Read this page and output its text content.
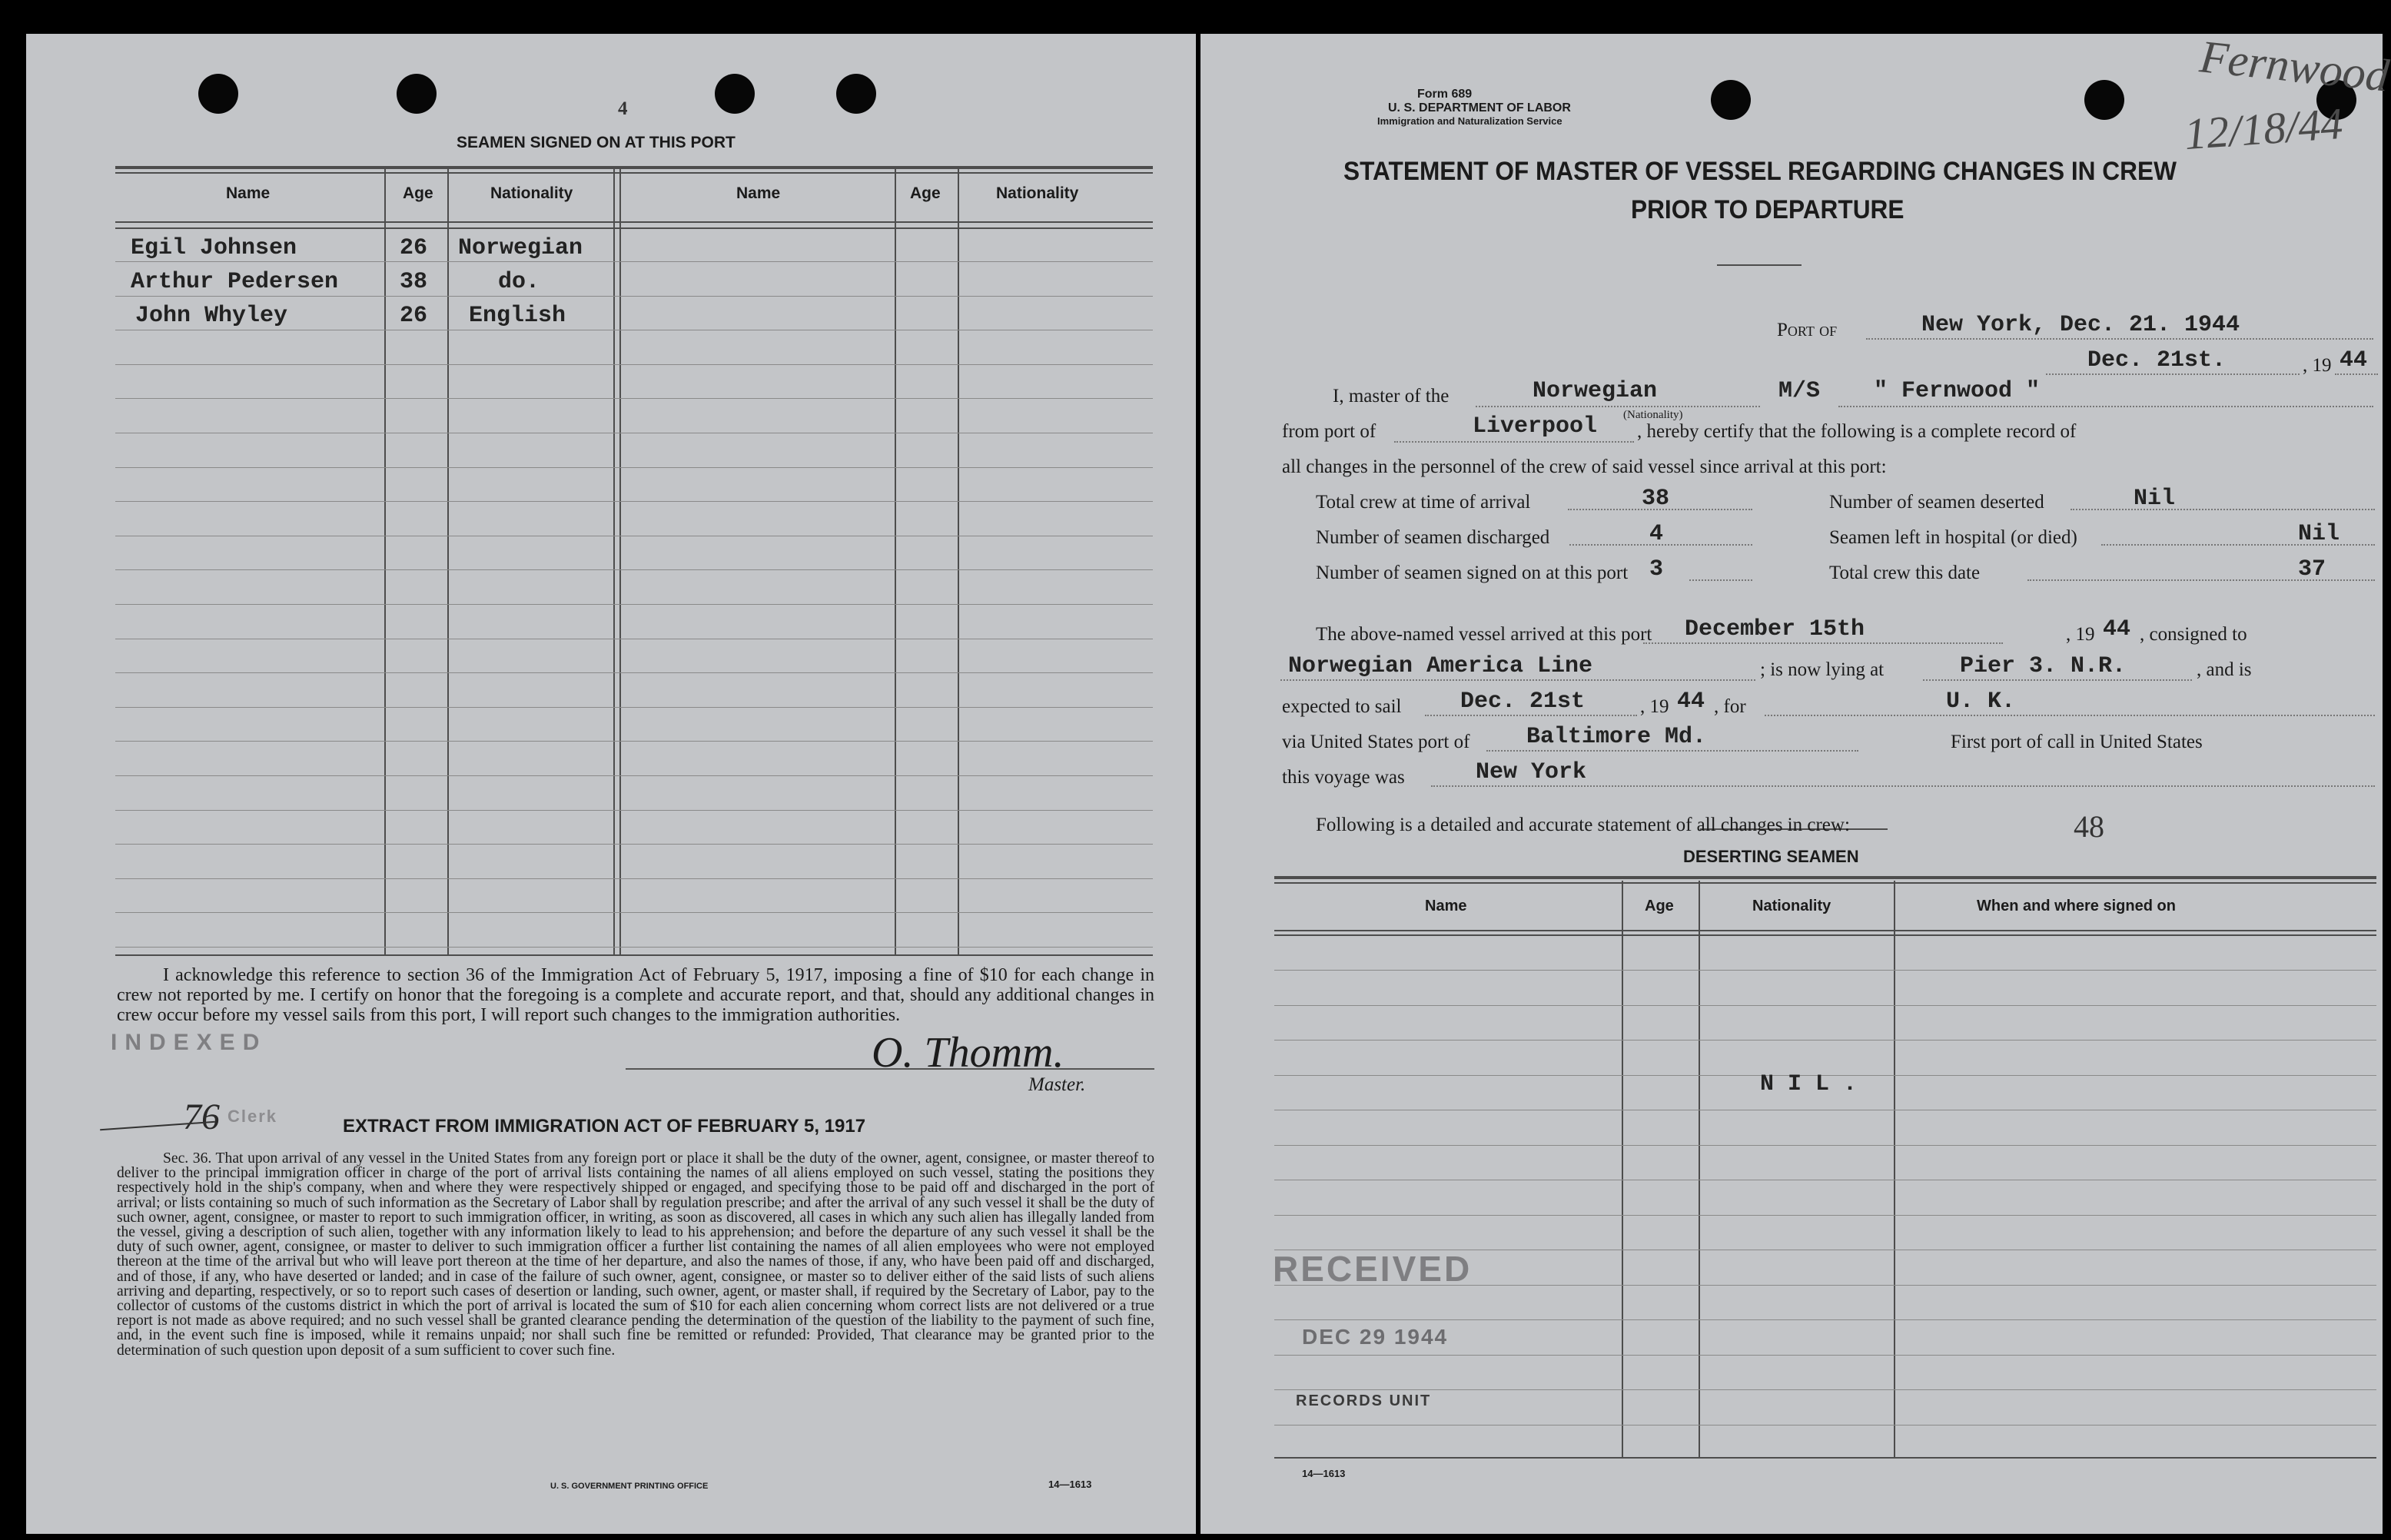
4
SEAMEN SIGNED ON AT THIS PORT
Name	Age	Nationality	Name	Age	Nationality
Egil Johnsen	26 Norwegian
Arthur Pedersen	38	do.
John Whyley	26 English
I acknowledge this reference to section 36 of the Immigration Act of February 5, 1917, imposing a fine of $10 for each change in crew not reported by me. I certify on honor that the foregoing is a complete and accurate report, and that, should any additional changes in crew occur before my vessel sails from this port, I will report such changes to the immigration authorities.
INDEXED
76 Clerk
O. Thomm.
Master.
EXTRACT FROM IMMIGRATION ACT OF FEBRUARY 5, 1917
Sec. 36. That upon arrival of any vessel in the United States from any foreign port or place it shall be the duty of the owner, agent, consignee, or master thereof to deliver to the principal immigration officer in charge of the port of arrival lists containing the names of all aliens employed on such vessel, stating the positions they respectively hold in the ship's company, when and where they were respectively shipped or engaged, and specifying those to be paid off and discharged in the port of arrival; or lists containing so much of such information as the Secretary of Labor shall by regulation prescribe; and after the arrival of any such vessel it shall be the duty of such owner, agent, consignee, or master to report to such immigration officer, in writing, as soon as discovered, all cases in which any such alien has illegally landed from the vessel, giving a description of such alien, together with any information likely to lead to his apprehension; and before the departure of any such vessel it shall be the duty of such owner, agent, consignee, or master to deliver to such immigration officer a further list containing the names of all alien employees who were not employed thereon at the time of the arrival but who will leave port thereon at the time of her departure, and also the names of those, if any, who have been paid off and discharged, and of those, if any, who have deserted or landed; and in case of the failure of such owner, agent, consignee, or master so to deliver either of the said lists of such aliens arriving and departing, respectively, or so to report such cases of desertion or landing, such owner, agent, or master shall, if required by the Secretary of Labor, pay to the collector of customs of the customs district in which the port of arrival is located the sum of $10 for each alien concerning whom correct lists are not delivered or a true report is not made as above required; and no such vessel shall be granted clearance pending the determination of the question of the liability to the payment of such fine, and, in the event such fine is imposed, while it remains unpaid; nor shall such fine be remitted or refunded: Provided, That clearance may be granted prior to the determination of such question upon deposit of a sum sufficient to cover such fine.
U. S. GOVERNMENT PRINTING OFFICE	14—1613
Form 689
U. S. DEPARTMENT OF LABOR
Immigration and Naturalization Service
Fernwood
12/18/44
STATEMENT OF MASTER OF VESSEL REGARDING CHANGES IN CREW
PRIOR TO DEPARTURE
Port of	New York, Dec. 21. 1944
Dec. 21st.	, 19 44
I, master of the	Norwegian
(Nationality)
M/S " Fernwood "
from port of	Liverpool , hereby certify that the following is a complete record of
all changes in the personnel of the crew of said vessel since arrival at this port:
Total crew at time of arrival	38
Number of seamen discharged	4
Number of seamen signed on at this port 3
Number of seamen deserted	Nil
Seamen left in hospital (or died)	Nil
Total crew this date	37
The above-named vessel arrived at this port December 15th	, 19 44 , consigned to
Norwegian America Line	; is now lying at	Pier 3. N.R.	, and is
expected to sail	Dec. 21st	, 19 44 , for	U. K.
via United States port of Baltimore Md.	First port of call in United States
this voyage was	New York
Following is a detailed and accurate statement of all changes in crew:	48
DESERTING SEAMEN
Name	Age	Nationality	When and where signed on
N I L .
RECEIVED
DEC 29 1944
RECORDS UNIT
14—1613
